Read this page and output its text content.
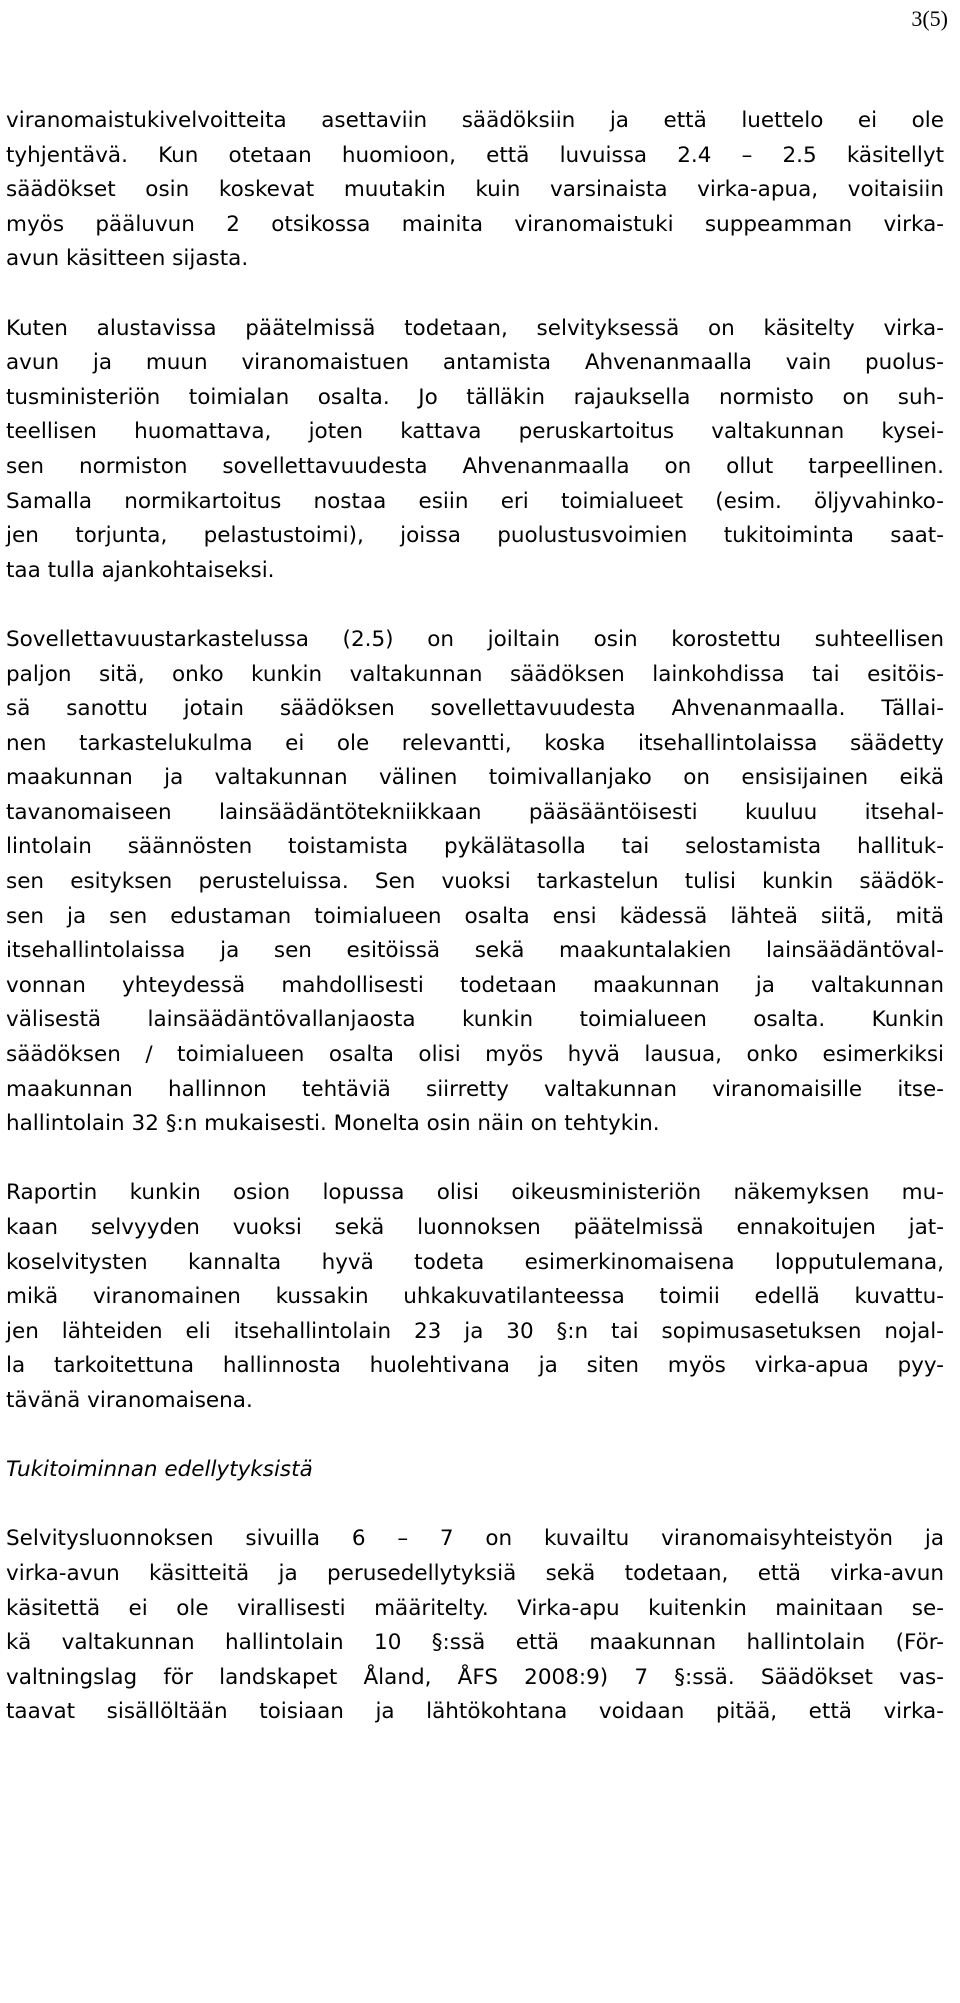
3(5)

viranomaistukivelvoitteita asettaviin säädöksiin ja että luettelo ei ole
tyhjentävä. Kun otetaan huomioon, että luvuissa 2.4 – 2.5 käsitellyt
säädökset osin koskevat muutakin kuin varsinaista virka-apua, voitaisiin
myös pääluvun 2 otsikossa mainita viranomaistuki suppeamman virka-
avun käsitteen sijasta.

Kuten alustavissa päätelmissä todetaan, selvityksessä on käsitelty virka-
avun ja muun viranomaistuen antamista Ahvenanmaalla vain puolus-
tusministeriön toimialan osalta. Jo tälläkin rajauksella normisto on suh-
teellisen huomattava, joten kattava peruskartoitus valtakunnan kysei-
sen normiston sovellettavuudesta Ahvenanmaalla on ollut tarpeellinen.
Samalla normikartoitus nostaa esiin eri toimialueet (esim. öljyvahinko-
jen torjunta, pelastustoimi), joissa puolustusvoimien tukitoiminta saat-
taa tulla ajankohtaiseksi.

Sovellettavuustarkastelussa (2.5) on joiltain osin korostettu suhteellisen
paljon sitä, onko kunkin valtakunnan säädöksen lainkohdissa tai esitöis-
sä sanottu jotain säädöksen sovellettavuudesta Ahvenanmaalla. Tällai-
nen tarkastelukulma ei ole relevantti, koska itsehallintolaissa säädetty
maakunnan ja valtakunnan välinen toimivallanjako on ensisijainen eikä
tavanomaiseen lainsäädäntötekniikkaan pääsääntöisesti kuuluu itsehal-
lintolain säännösten toistamista pykälätasolla tai selostamista hallituk-
sen esityksen perusteluissa. Sen vuoksi tarkastelun tulisi kunkin säädök-
sen ja sen edustaman toimialueen osalta ensi kädessä lähteä siitä, mitä
itsehallintolaissa ja sen esitöissä sekä maakuntalakien lainsäädäntöval-
vonnan yhteydessä mahdollisesti todetaan maakunnan ja valtakunnan
välisestä lainsäädäntövallanjaosta kunkin toimialueen osalta. Kunkin
säädöksen / toimialueen osalta olisi myös hyvä lausua, onko esimerkiksi
maakunnan hallinnon tehtäviä siirretty valtakunnan viranomaisille itse-
hallintolain 32 §:n mukaisesti. Monelta osin näin on tehtykin.

Raportin kunkin osion lopussa olisi oikeusministeriön näkemyksen mu-
kaan selvyyden vuoksi sekä luonnoksen päätelmissä ennakoitujen jat-
koselvitysten kannalta hyvä todeta esimerkinomaisena lopputulemana,
mikä viranomainen kussakin uhkakuvatilanteessa toimii edellä kuvattu-
jen lähteiden eli itsehallintolain 23 ja 30 §:n tai sopimusasetuksen nojal-
la tarkoitettuna hallinnosta huolehtivana ja siten myös virka-apua pyy-
tävänä viranomaisena.

Tukitoiminnan edellytyksistä

Selvitysluonnoksen sivuilla 6 – 7 on kuvailtu viranomaisyhteistyön ja
virka-avun käsitteitä ja perusedellytyksiä sekä todetaan, että virka-avun
käsitettä ei ole virallisesti määritelty. Virka-apu kuitenkin mainitaan se-
kä valtakunnan hallintolain 10 §:ssä että maakunnan hallintolain (För-
valtningslag för landskapet Åland, ÅFS 2008:9) 7 §:ssä. Säädökset vas-
taavat sisällöltään toisiaan ja lähtökohtana voidaan pitää, että virka-
